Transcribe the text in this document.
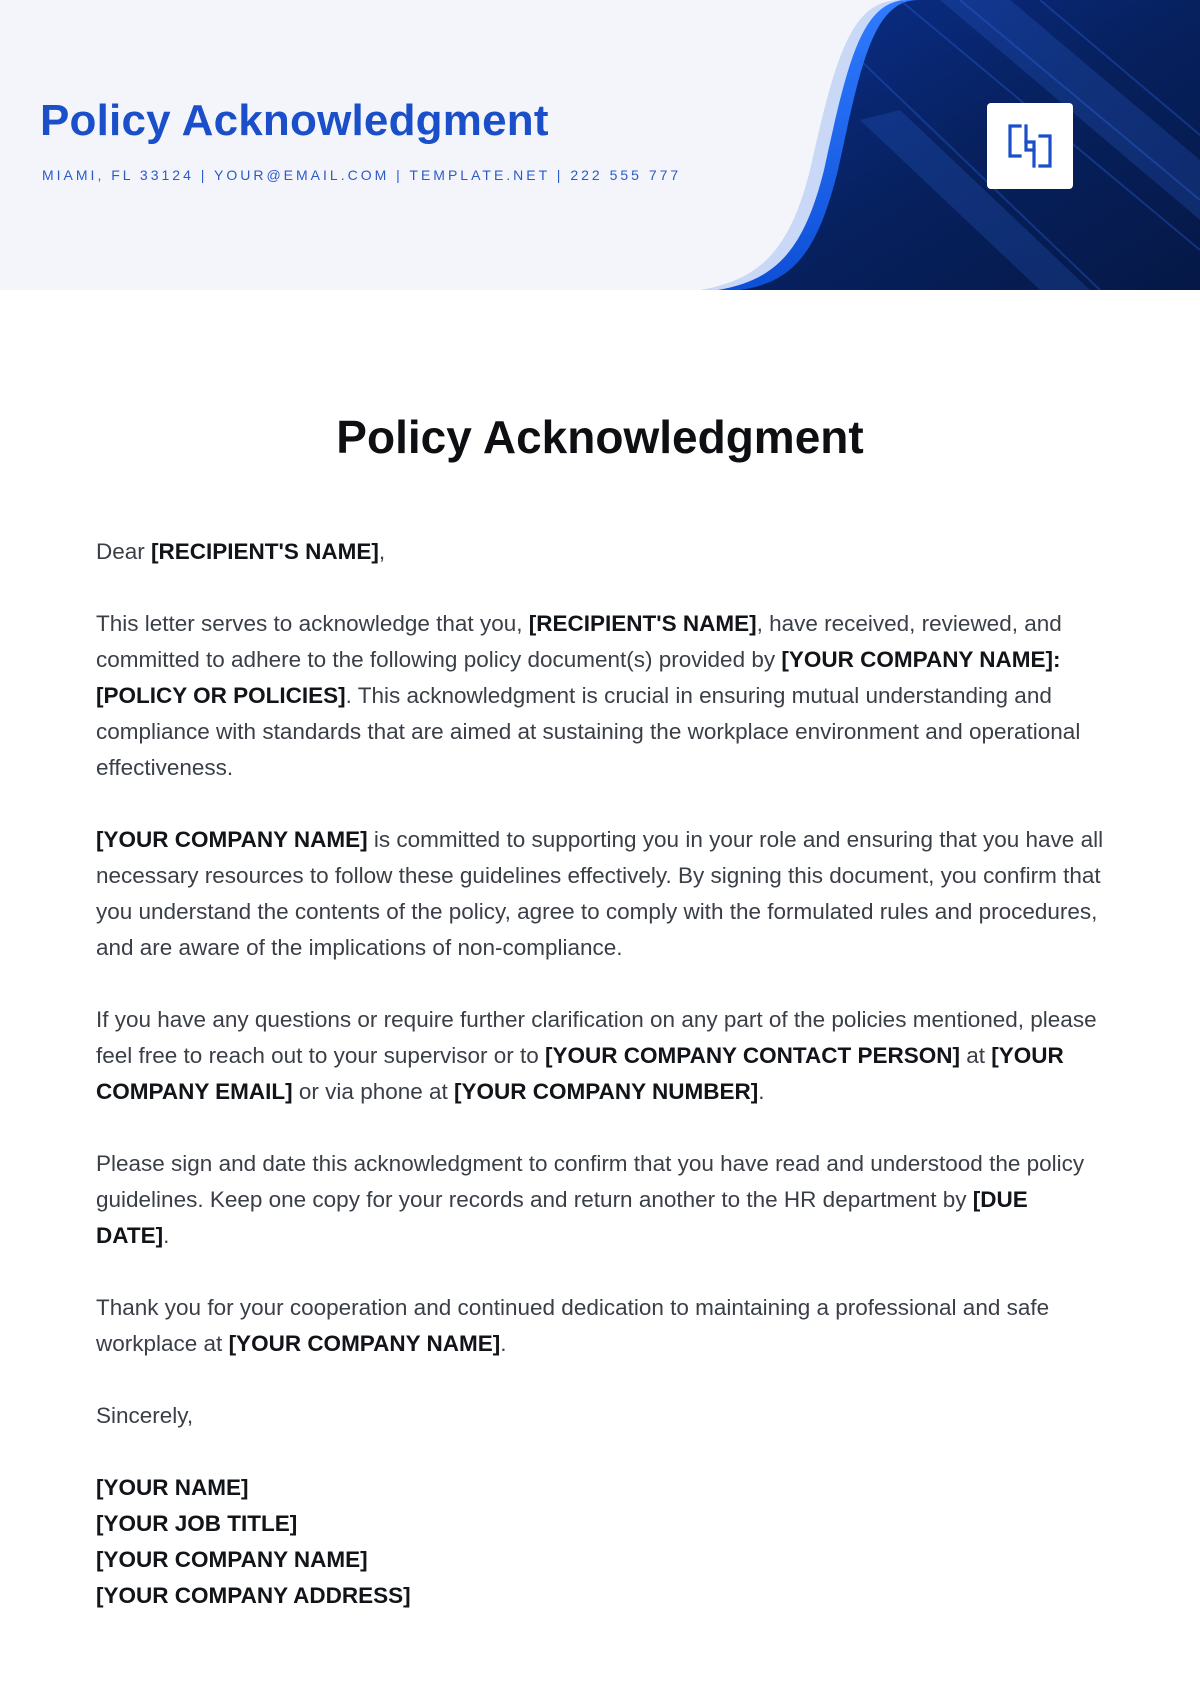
Policy Acknowledgment
MIAMI, FL 33124 | YOUR@EMAIL.COM | TEMPLATE.NET | 222 555 777
Policy Acknowledgment

Dear [RECIPIENT'S NAME],

This letter serves to acknowledge that you, [RECIPIENT'S NAME], have received, reviewed, and committed to adhere to the following policy document(s) provided by [YOUR COMPANY NAME]: [POLICY OR POLICIES]. This acknowledgment is crucial in ensuring mutual understanding and compliance with standards that are aimed at sustaining the workplace environment and operational effectiveness.

[YOUR COMPANY NAME] is committed to supporting you in your role and ensuring that you have all necessary resources to follow these guidelines effectively. By signing this document, you confirm that you understand the contents of the policy, agree to comply with the formulated rules and procedures, and are aware of the implications of non-compliance.

If you have any questions or require further clarification on any part of the policies mentioned, please feel free to reach out to your supervisor or to [YOUR COMPANY CONTACT PERSON] at [YOUR COMPANY EMAIL] or via phone at [YOUR COMPANY NUMBER].

Please sign and date this acknowledgment to confirm that you have read and understood the policy guidelines. Keep one copy for your records and return another to the HR department by [DUE DATE].

Thank you for your cooperation and continued dedication to maintaining a professional and safe workplace at [YOUR COMPANY NAME].

Sincerely,

[YOUR NAME]
[YOUR JOB TITLE]
[YOUR COMPANY NAME]
[YOUR COMPANY ADDRESS]
